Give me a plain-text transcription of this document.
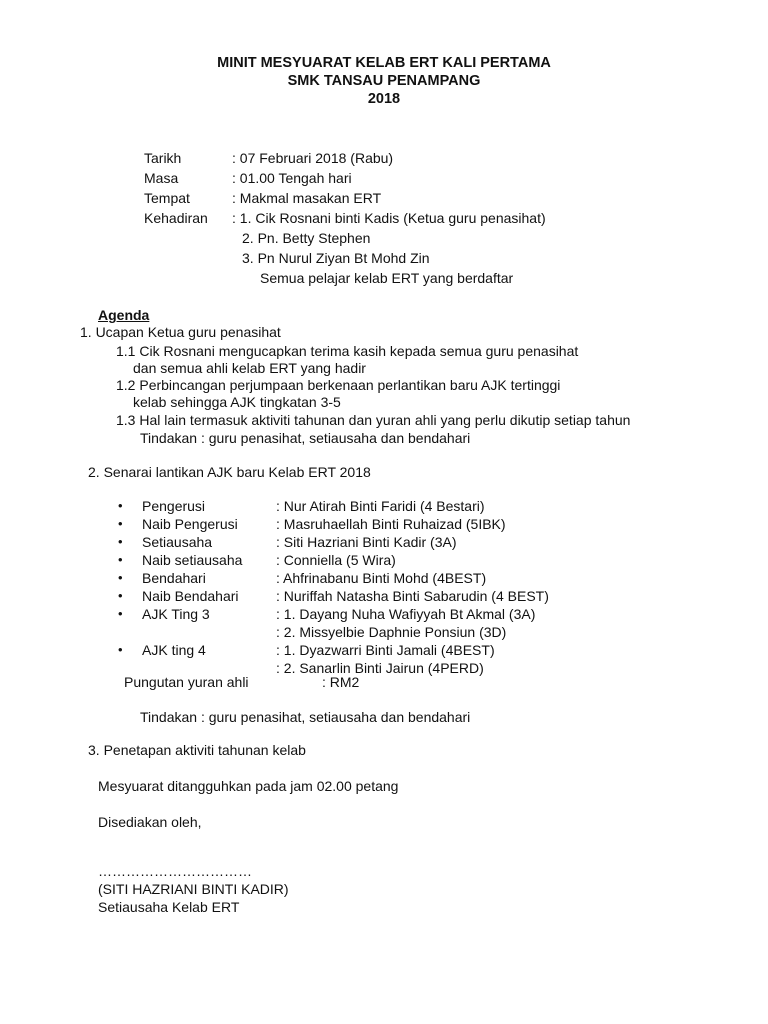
MINIT MESYUARAT KELAB ERT KALI PERTAMA
SMK TANSAU PENAMPANG
2018
Tarikh	: 07 Februari 2018 (Rabu)
Masa	: 01.00 Tengah hari
Tempat	: Makmal masakan ERT
Kehadiran : 1. Cik Rosnani binti Kadis (Ketua guru penasihat)
2. Pn. Betty Stephen
3. Pn Nurul Ziyan Bt Mohd Zin
Semua pelajar kelab ERT yang berdaftar
Agenda
1. Ucapan Ketua guru penasihat
1.1 Cik Rosnani mengucapkan terima kasih kepada semua guru penasihat
dan semua ahli kelab ERT yang hadir
1.2 Perbincangan perjumpaan berkenaan perlantikan baru AJK tertinggi
kelab sehingga AJK tingkatan 3-5
1.3 Hal lain termasuk aktiviti tahunan dan yuran ahli yang perlu dikutip setiap tahun
Tindakan : guru penasihat, setiausaha dan bendahari
2. Senarai lantikan AJK baru Kelab ERT 2018
• Pengerusi	: Nur Atirah Binti Faridi (4 Bestari)
• Naib Pengerusi	: Masruhaellah Binti Ruhaizad (5IBK)
• Setiausaha	: Siti Hazriani Binti Kadir (3A)
• Naib setiausaha : Conniella (5 Wira)
• Bendahari	: Ahfrinabanu Binti Mohd (4BEST)
• Naib Bendahari	: Nuriffah Natasha Binti Sabarudin (4 BEST)
• AJK Ting 3	: 1. Dayang Nuha Wafiyyah Bt Akmal (3A)
: 2. Missyelbie Daphnie Ponsiun (3D)
• AJK ting 4	: 1. Dyazwarri Binti Jamali (4BEST)
: 2. Sanarlin Binti Jairun (4PERD)
Pungutan yuran ahli	: RM2
Tindakan : guru penasihat, setiausaha dan bendahari
3. Penetapan aktiviti tahunan kelab
Mesyuarat ditangguhkan pada jam 02.00 petang
Disediakan oleh,
……………………………
(SITI HAZRIANI BINTI KADIR)
Setiausaha Kelab ERT
